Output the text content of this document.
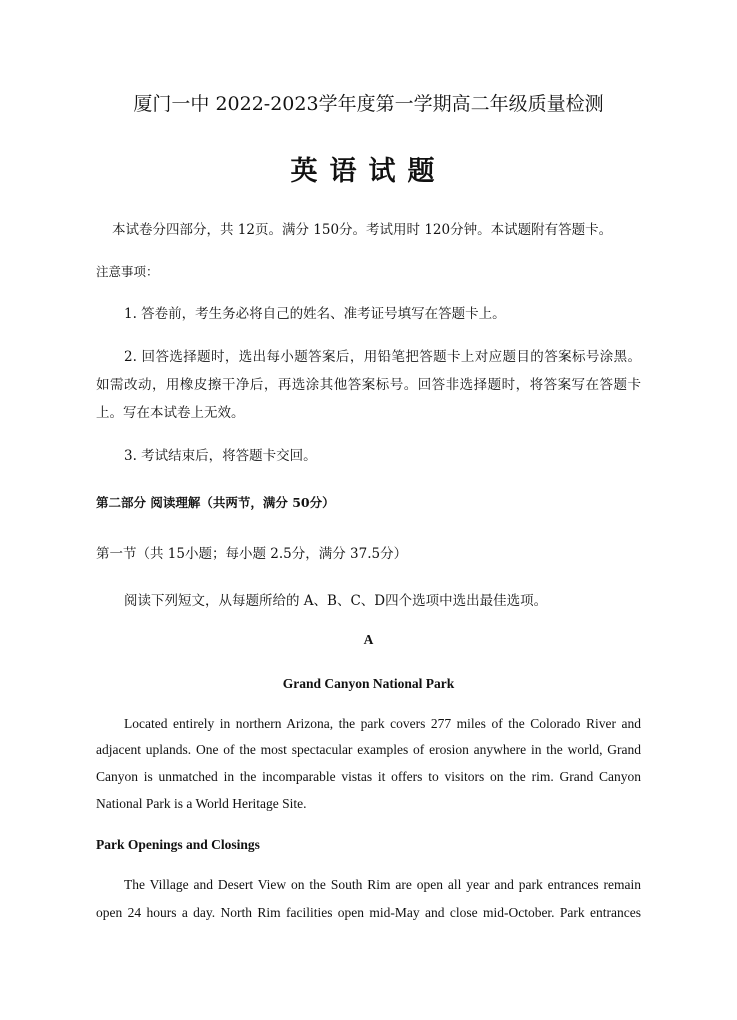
厦门一中 2022-2023学年度第一学期高二年级质量检测
英语试题
本试卷分四部分，共 12页。满分 150分。考试用时 120分钟。本试题附有答题卡。
注意事项：
1. 答卷前，考生务必将自己的姓名、准考证号填写在答题卡上。
2. 回答选择题时，选出每小题答案后，用铅笔把答题卡上对应题目的答案标号涂黑。
如需改动，用橡皮擦干净后，再选涂其他答案标号。回答非选择题时，将答案写在答题卡
上。写在本试卷上无效。
3. 考试结束后，将答题卡交回。
第二部分 阅读理解（共两节，满分 50分）
第一节（共 15小题；每小题 2.5分，满分 37.5分）
阅读下列短文，从每题所给的 A、B、C、D四个选项中选出最佳选项。
A
Grand Canyon National Park
Located entirely in northern Arizona, the park covers 277 miles of the Colorado River and
adjacent uplands. One of the most spectacular examples of erosion anywhere in the world, Grand
Canyon is unmatched in the incomparable vistas it offers to visitors on the rim. Grand Canyon
National Park is a World Heritage Site.
Park Openings and Closings
The Village and Desert View on the South Rim are open all year and park entrances remain
open 24 hours a day. North Rim facilities open mid-May and close mid-October. Park entrances
